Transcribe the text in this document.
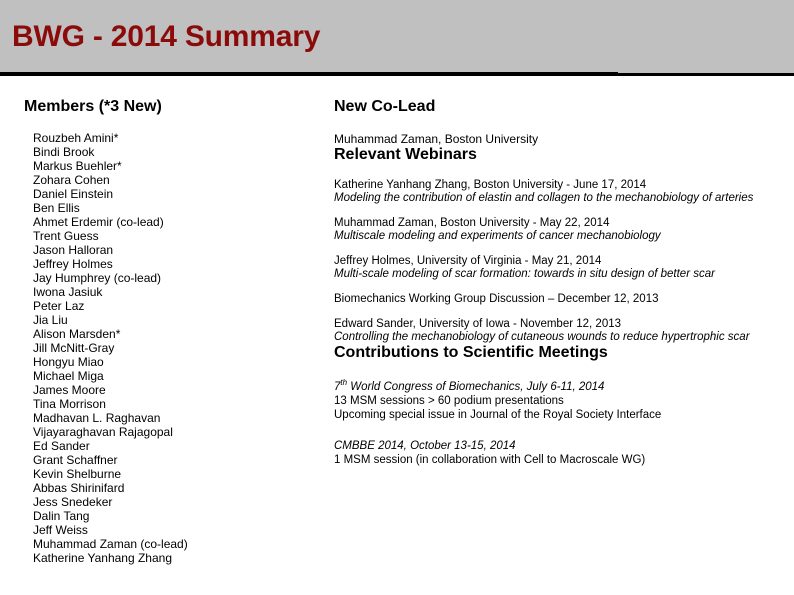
BWG - 2014 Summary
Members (*3 New)
Rouzbeh Amini*
Bindi Brook
Markus Buehler*
Zohara Cohen
Daniel Einstein
Ben Ellis
Ahmet Erdemir (co-lead)
Trent Guess
Jason Halloran
Jeffrey Holmes
Jay Humphrey (co-lead)
Iwona Jasiuk
Peter Laz
Jia Liu
Alison Marsden*
Jill McNitt-Gray
Hongyu Miao
Michael Miga
James Moore
Tina Morrison
Madhavan L. Raghavan
Vijayaraghavan Rajagopal
Ed Sander
Grant Schaffner
Kevin Shelburne
Abbas Shirinifard
Jess Snedeker
Dalin Tang
Jeff Weiss
Muhammad Zaman (co-lead)
Katherine Yanhang Zhang
New Co-Lead

Muhammad Zaman, Boston University

Relevant Webinars
Katherine Yanhang Zhang, Boston University - June 17, 2014
Modeling the contribution of elastin and collagen to the mechanobiology of arteries
Muhammad Zaman, Boston University - May 22, 2014
Multiscale modeling and experiments of cancer mechanobiology
Jeffrey Holmes, University of Virginia - May 21, 2014
Multi-scale modeling of scar formation: towards in situ design of better scar
Biomechanics Working Group Discussion – December 12, 2013
Edward Sander, University of Iowa - November 12, 2013
Controlling the mechanobiology of cutaneous wounds to reduce hypertrophic scar
Contributions to Scientific Meetings
7th World Congress of Biomechanics, July 6-11, 2014
13 MSM sessions > 60 podium presentations
Upcoming special issue in Journal of the Royal Society Interface
CMBBE 2014, October 13-15, 2014
1 MSM session (in collaboration with Cell to Macroscale WG)
